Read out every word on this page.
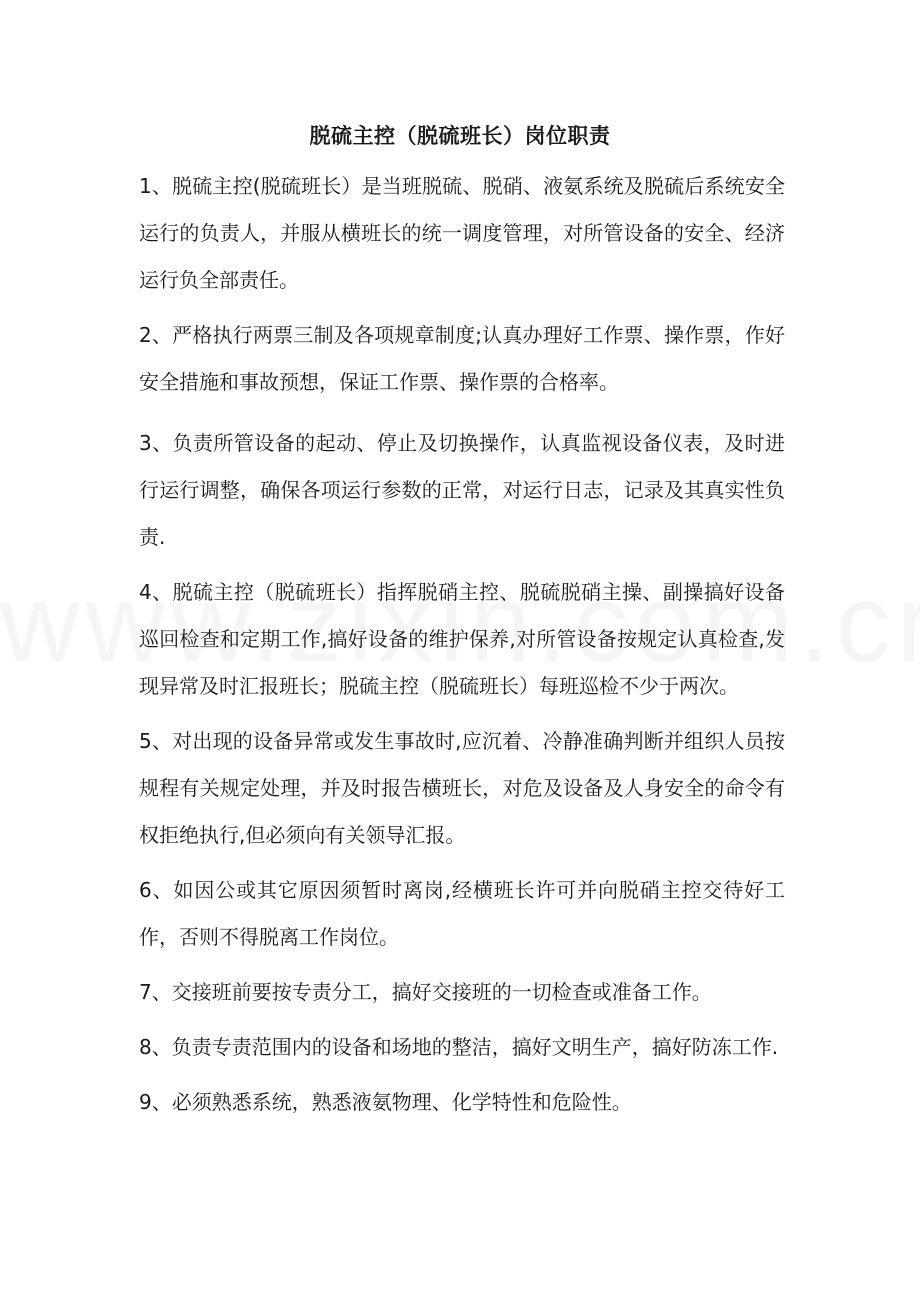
脱硫主控（脱硫班长）岗位职责

1、脱硫主控(脱硫班长）是当班脱硫、脱硝、液氨系统及脱硫后系统安全运行的负责人，并服从横班长的统一调度管理，对所管设备的安全、经济运行负全部责任。

2、严格执行两票三制及各项规章制度;认真办理好工作票、操作票，作好安全措施和事故预想，保证工作票、操作票的合格率。

3、负责所管设备的起动、停止及切换操作，认真监视设备仪表，及时进行运行调整，确保各项运行参数的正常，对运行日志，记录及其真实性负责.

4、脱硫主控（脱硫班长）指挥脱硝主控、脱硫脱硝主操、副操搞好设备巡回检查和定期工作,搞好设备的维护保养,对所管设备按规定认真检查,发现异常及时汇报班长；脱硫主控（脱硫班长）每班巡检不少于两次。

5、对出现的设备异常或发生事故时,应沉着、冷静准确判断并组织人员按规程有关规定处理，并及时报告横班长，对危及设备及人身安全的命令有权拒绝执行,但必须向有关领导汇报。

6、如因公或其它原因须暂时离岗,经横班长许可并向脱硝主控交待好工作，否则不得脱离工作岗位。

7、交接班前要按专责分工，搞好交接班的一切检查或准备工作。

8、负责专责范围内的设备和场地的整洁，搞好文明生产，搞好防冻工作.

9、必须熟悉系统，熟悉液氨物理、化学特性和危险性。
